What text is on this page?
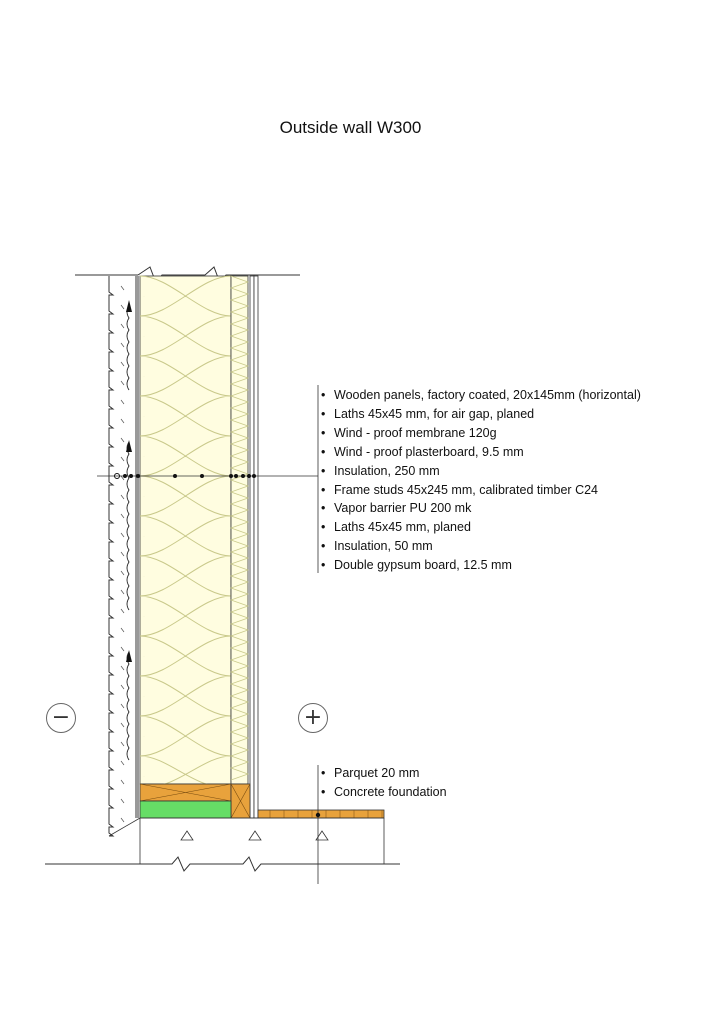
Outside wall W300
• Wooden panels, factory coated, 20x145mm (horizontal)
• Laths 45x45 mm, for air gap, planed
• Wind - proof membrane 120g
• Wind - proof plasterboard, 9.5 mm
• Insulation, 250 mm
• Frame studs 45x245 mm, calibrated timber C24
• Vapor barrier PU 200 mk
• Laths 45x45 mm, planed
• Insulation, 50 mm
• Double gypsum board, 12.5 mm
• Parquet 20 mm
• Concrete foundation
−	+
